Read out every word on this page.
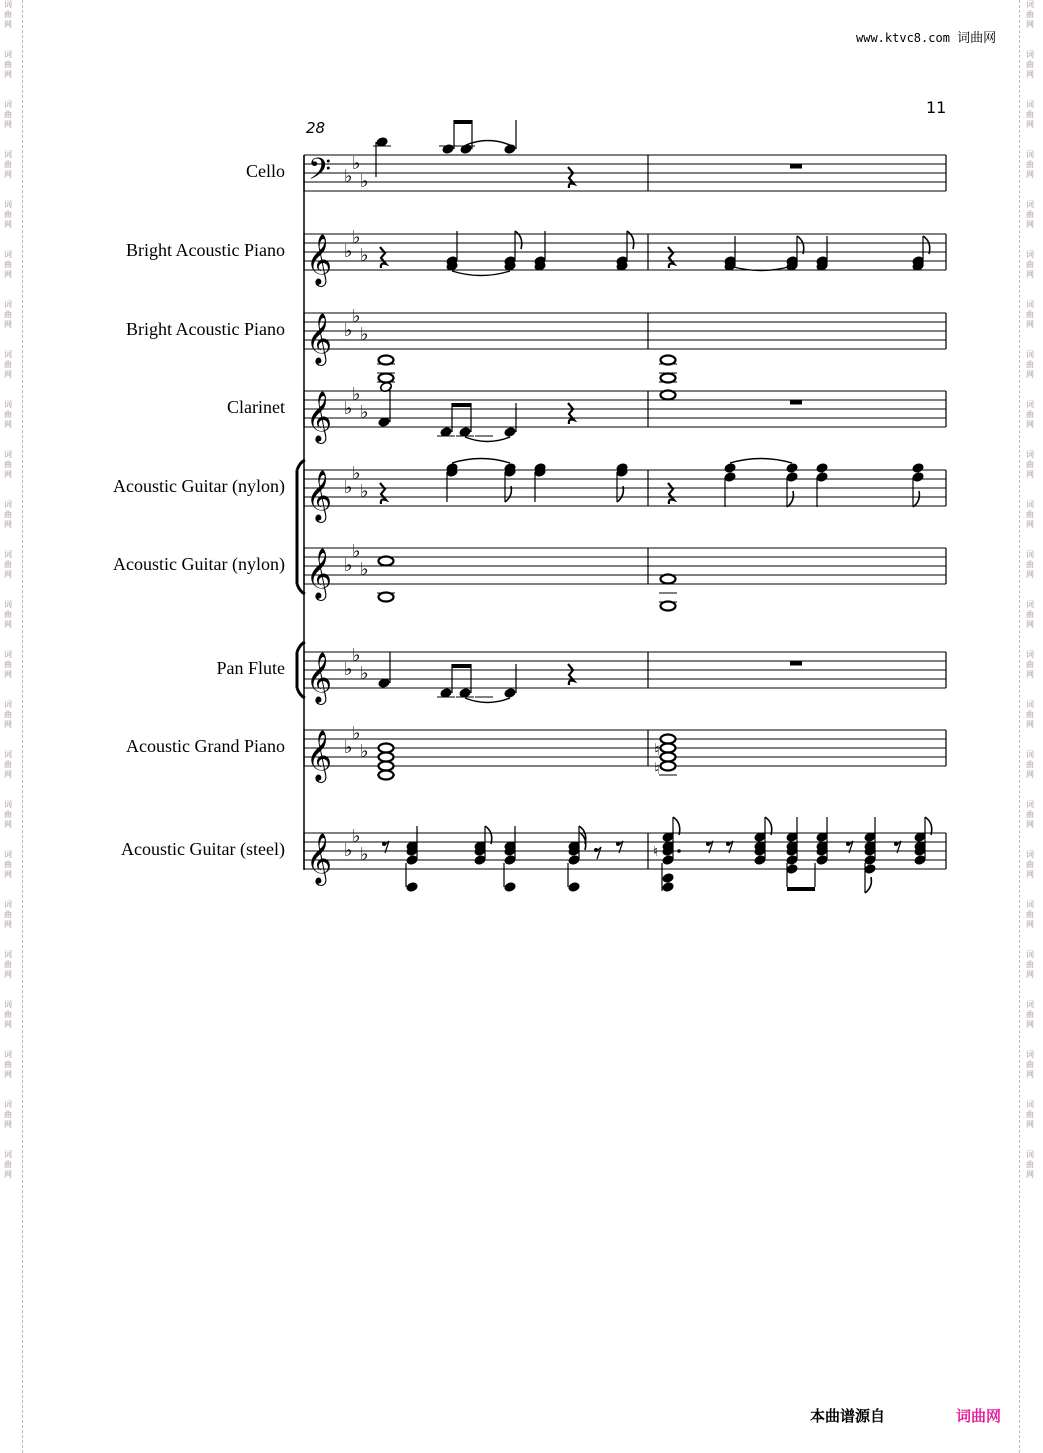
词
曲
网

词
曲
网

词
曲
网

词
曲
网

词
曲
网

词
曲
网

词
曲
网

词
曲
网

词
曲
网

词
曲
网

词
曲
网

词
曲
网

词
曲
网

词
曲
网

词
曲
网

词
曲
网

词
曲
网

词
曲
网

词
曲
网

词
曲
网

词
曲
网

词
曲
网

词
曲
网

词
曲
网

词
曲
网

词
曲
网

词
曲
网

词
曲
网

词
曲
网

词
曲
网

词
曲
网

词
曲
网

词
曲
网

词
曲
网

词
曲
网

词
曲
网

词
曲
网

词
曲
网

词
曲
网

词
曲
网

词
曲
网

词
曲
网

词
曲
网

词
曲
网

词
曲
网

词
曲
网

词
曲
网

词
曲
网

www.ktvc8.com 词曲网
11
28
Cello
Bright Acoustic Piano
Bright Acoustic Piano
Clarinet
Acoustic Guitar (nylon)
Acoustic Guitar (nylon)
Pan Flute
Acoustic Grand Piano
Acoustic Guitar (steel)
𝄢 ♭
♭
♭
𝄞 ♭
♭
♭
𝄞 ♭
♭
♭
𝄞 ♭
♭
♭
𝄞 ♭
♭
♭
𝄞 ♭
♭
♭
𝄞 ♭
♭
♭
𝄞 ♭
♭
♭
𝄞 ♭
♭
♭
♮
♮
♮
本曲谱源自	词曲网
